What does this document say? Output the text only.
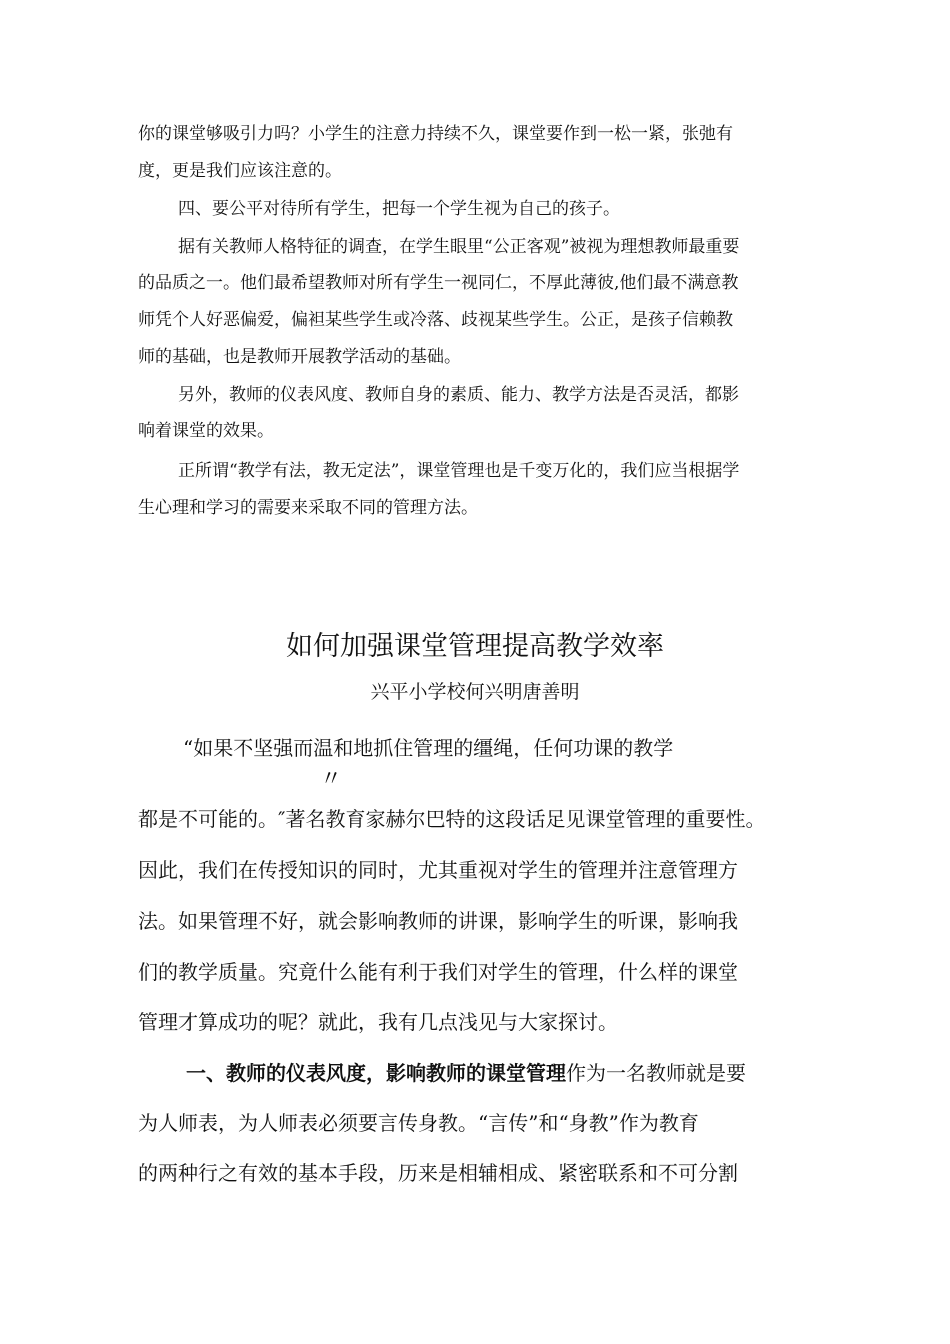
你的课堂够吸引力吗？小学生的注意力持续不久，课堂要作到一松一紧，张弛有
度，更是我们应该注意的。
四、要公平对待所有学生，把每一个学生视为自己的孩子。
据有关教师人格特征的调查，在学生眼里“公正客观”被视为理想教师最重要
的品质之一。他们最希望教师对所有学生一视同仁，不厚此薄彼,他们最不满意教
师凭个人好恶偏爱，偏袒某些学生或冷落、歧视某些学生。公正，是孩子信赖教
师的基础，也是教师开展教学活动的基础。
另外，教师的仪表风度、教师自身的素质、能力、教学方法是否灵活，都影
响着课堂的效果。
正所谓“教学有法，教无定法”，课堂管理也是千变万化的，我们应当根据学
生心理和学习的需要来采取不同的管理方法。
如何加强课堂管理提高教学效率
兴平小学校何兴明唐善明
“如果不坚强而温和地抓住管理的缰绳，任何功课的教学
〃
都是不可能的。″著名教育家赫尔巴特的这段话足见课堂管理的重要性。
因此，我们在传授知识的同时，尤其重视对学生的管理并注意管理方
法。如果管理不好，就会影响教师的讲课，影响学生的听课，影响我
们的教学质量。究竟什么能有利于我们对学生的管理，什么样的课堂
管理才算成功的呢？就此，我有几点浅见与大家探讨。
一、教师的仪表风度，影响教师的课堂管理作为一名教师就是要
为人师表，为人师表必须要言传身教。“言传”和“身教”作为教育
的两种行之有效的基本手段，历来是相辅相成、紧密联系和不可分割
